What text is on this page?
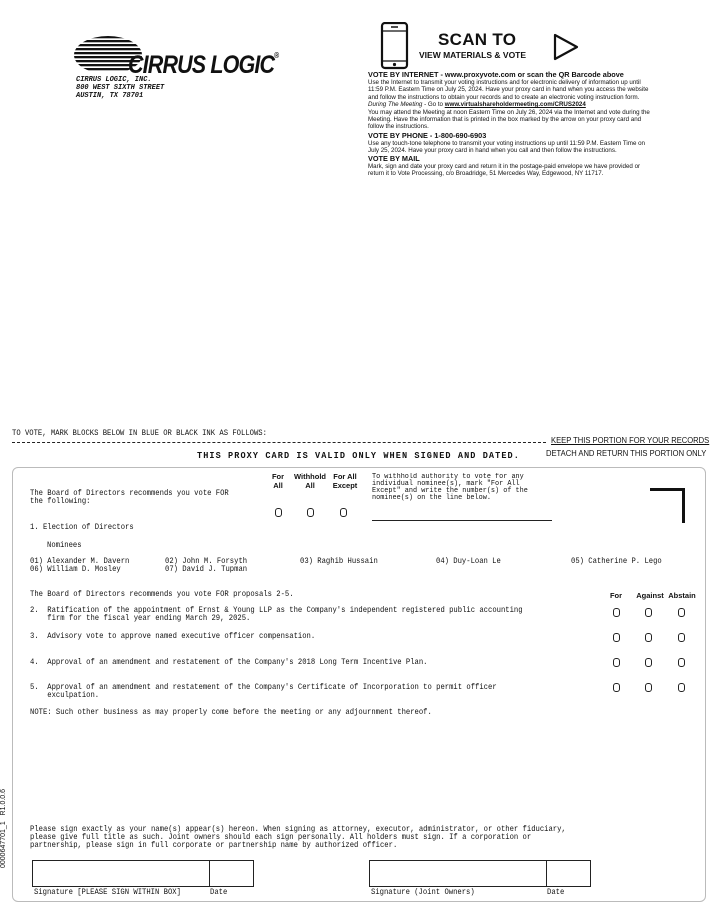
CIRRUS LOGIC®
CIRRUS LOGIC, INC.
800 WEST SIXTH STREET
AUSTIN, TX 78701
SCAN TO
VIEW MATERIALS & VOTE

VOTE BY INTERNET - www.proxyvote.com or scan the QR Barcode above

Use the Internet to transmit your voting instructions and for electronic delivery of information up until 11:59 P.M. Eastern Time on July 25, 2024. Have your proxy card in hand when you access the website and follow the instructions to obtain your records and to create an electronic voting instruction form.

During The Meeting - Go to www.virtualshareholdermeeting.com/CRUS2024

You may attend the Meeting at noon Eastern Time on July 26, 2024 via the Internet and vote during the Meeting. Have the information that is printed in the box marked by the arrow on your proxy card and follow the instructions.

VOTE BY PHONE - 1-800-690-6903

Use any touch-tone telephone to transmit your voting instructions up until 11:59 P.M. Eastern Time on July 25, 2024. Have your proxy card in hand when you call and then follow the instructions.

VOTE BY MAIL

Mark, sign and date your proxy card and return it in the postage-paid envelope we have provided or return it to Vote Processing, c/o Broadridge, 51 Mercedes Way, Edgewood, NY 11717.

TO VOTE, MARK BLOCKS BELOW IN BLUE OR BLACK INK AS FOLLOWS:
KEEP THIS PORTION FOR YOUR RECORDS
DETACH AND RETURN THIS PORTION ONLY
THIS PROXY CARD IS VALID ONLY WHEN SIGNED AND DATED.
The Board of Directors recommends you vote FOR
the following:
For
All
Withhold
All
For All
Except
To withhold authority to vote for any
individual nominee(s), mark "For All
Except" and write the number(s) of the
nominee(s) on the line below.
1. Election of Directors
Nominees
01) Alexander M. Davern	02) John M. Forsyth	03) Raghib Hussain	04) Duy-Loan Le	05) Catherine P. Lego
06) William D. Mosley	07) David J. Tupman
The Board of Directors recommends you vote FOR proposals 2-5.	For	Against Abstain
2.  Ratification of the appointment of Ernst & Young LLP as the Company's independent registered public accounting
firm for the fiscal year ending March 29, 2025.
3.  Advisory vote to approve named executive officer compensation.
4.  Approval of an amendment and restatement of the Company's 2018 Long Term Incentive Plan.
5.  Approval of an amendment and restatement of the Company's Certificate of Incorporation to permit officer
exculpation.
NOTE: Such other business as may properly come before the meeting or any adjournment thereof.
0000647701_1   R1.0.0.6	Please sign exactly as your name(s) appear(s) hereon. When signing as attorney, executor, administrator, or other fiduciary,
please give full title as such. Joint owners should each sign personally. All holders must sign. If a corporation or
partnership, please sign in full corporate or partnership name by authorized officer.
Signature [PLEASE SIGN WITHIN BOX]	Date	Signature (Joint Owners)	Date
